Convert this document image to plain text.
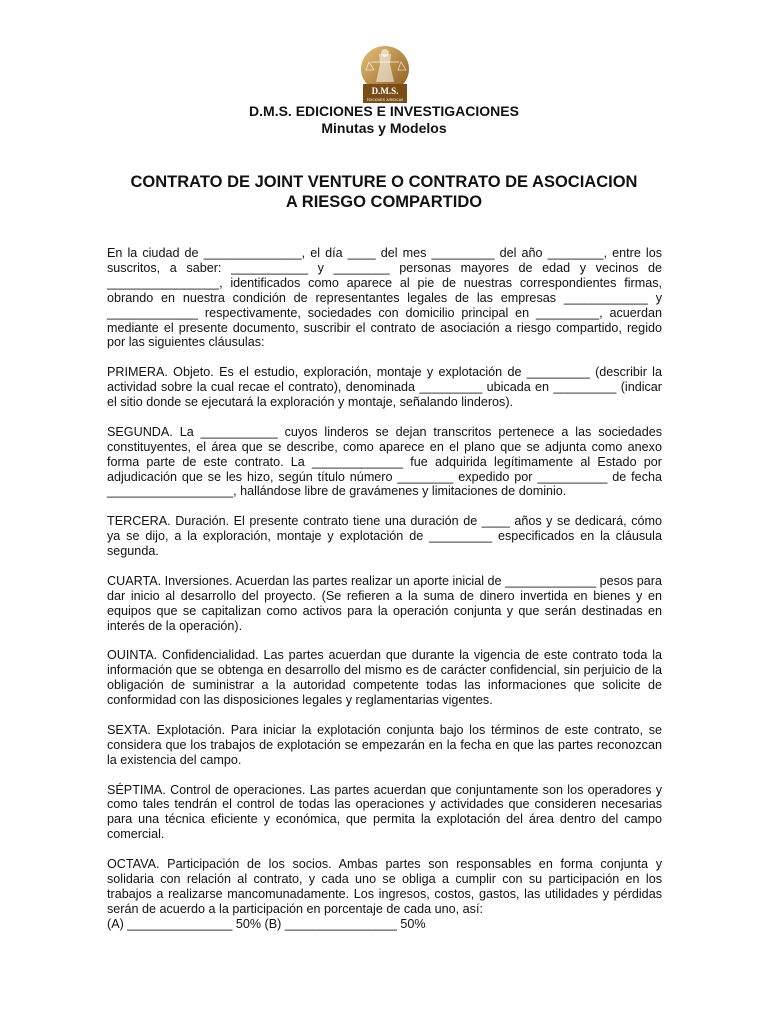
D.M.S.
EDICIONES JURIDICAS
D.M.S. EDICIONES E INVESTIGACIONES
Minutas y Modelos
CONTRATO DE JOINT VENTURE O CONTRATO DE ASOCIACION
A RIESGO COMPARTIDO

En la ciudad de ______________, el día ____ del mes _________ del año ________, entre los suscritos, a saber: ___________ y ________ personas mayores de edad y vecinos de ________________, identificados como aparece al pie de nuestras correspondientes firmas, obrando en nuestra condición de representantes legales de las empresas ____________ y _____________ respectivamente, sociedades con domicilio principal en _________, acuerdan mediante el presente documento, suscribir el contrato de asociación a riesgo compartido, regido por las siguientes cláusulas:

PRIMERA. Objeto. Es el estudio, exploración, montaje y explotación de _________ (describir la actividad sobre la cual recae el contrato), denominada _________ ubicada en _________ (indicar el sitio donde se ejecutará la exploración y montaje, señalando linderos).

SEGUNDA. La ___________ cuyos linderos se dejan transcritos pertenece a las sociedades constituyentes, el área que se describe, como aparece en el plano que se adjunta como anexo forma parte de este contrato. La _____________ fue adquirida legítimamente al Estado por adjudicación que se les hizo, según título número ________ expedido por __________ de fecha __________________, hallándose libre de gravámenes y limitaciones de dominio.

TERCERA. Duración. El presente contrato tiene una duración de ____ años y se dedicará, cómo ya se dijo, a la exploración, montaje y explotación de _________ especificados en la cláusula segunda.

CUARTA. Inversiones. Acuerdan las partes realizar un aporte inicial de _____________ pesos para dar inicio al desarrollo del proyecto. (Se refieren a la suma de dinero invertida en bienes y en equipos que se capitalizan como activos para la operación conjunta y que serán destinadas en interés de la operación).

OUINTA. Confidencialidad. Las partes acuerdan que durante la vigencia de este contrato toda la información que se obtenga en desarrollo del mismo es de carácter confidencial, sin perjuicio de la obligación de suministrar a la autoridad competente todas las informaciones que solicite de conformidad con las disposiciones legales y reglamentarias vigentes.

SEXTA. Explotación. Para iniciar la explotación conjunta bajo los términos de este contrato, se considera que los trabajos de explotación se empezarán en la fecha en que las partes reconozcan la existencia del campo.

SÉPTIMA. Control de operaciones. Las partes acuerdan que conjuntamente son los operadores y como tales tendrán el control de todas las operaciones y actividades que consideren necesarias para una técnica eficiente y económica, que permita la explotación del área dentro del campo comercial.

OCTAVA. Participación de los socios. Ambas partes son responsables en forma conjunta y solidaria con relación al contrato, y cada uno se obliga a cumplir con su participación en los trabajos a realizarse mancomunadamente. Los ingresos, costos, gastos, las utilidades y pérdidas serán de acuerdo a la participación en porcentaje de cada uno, así:

(A) _______________ 50% (B) ________________ 50%
